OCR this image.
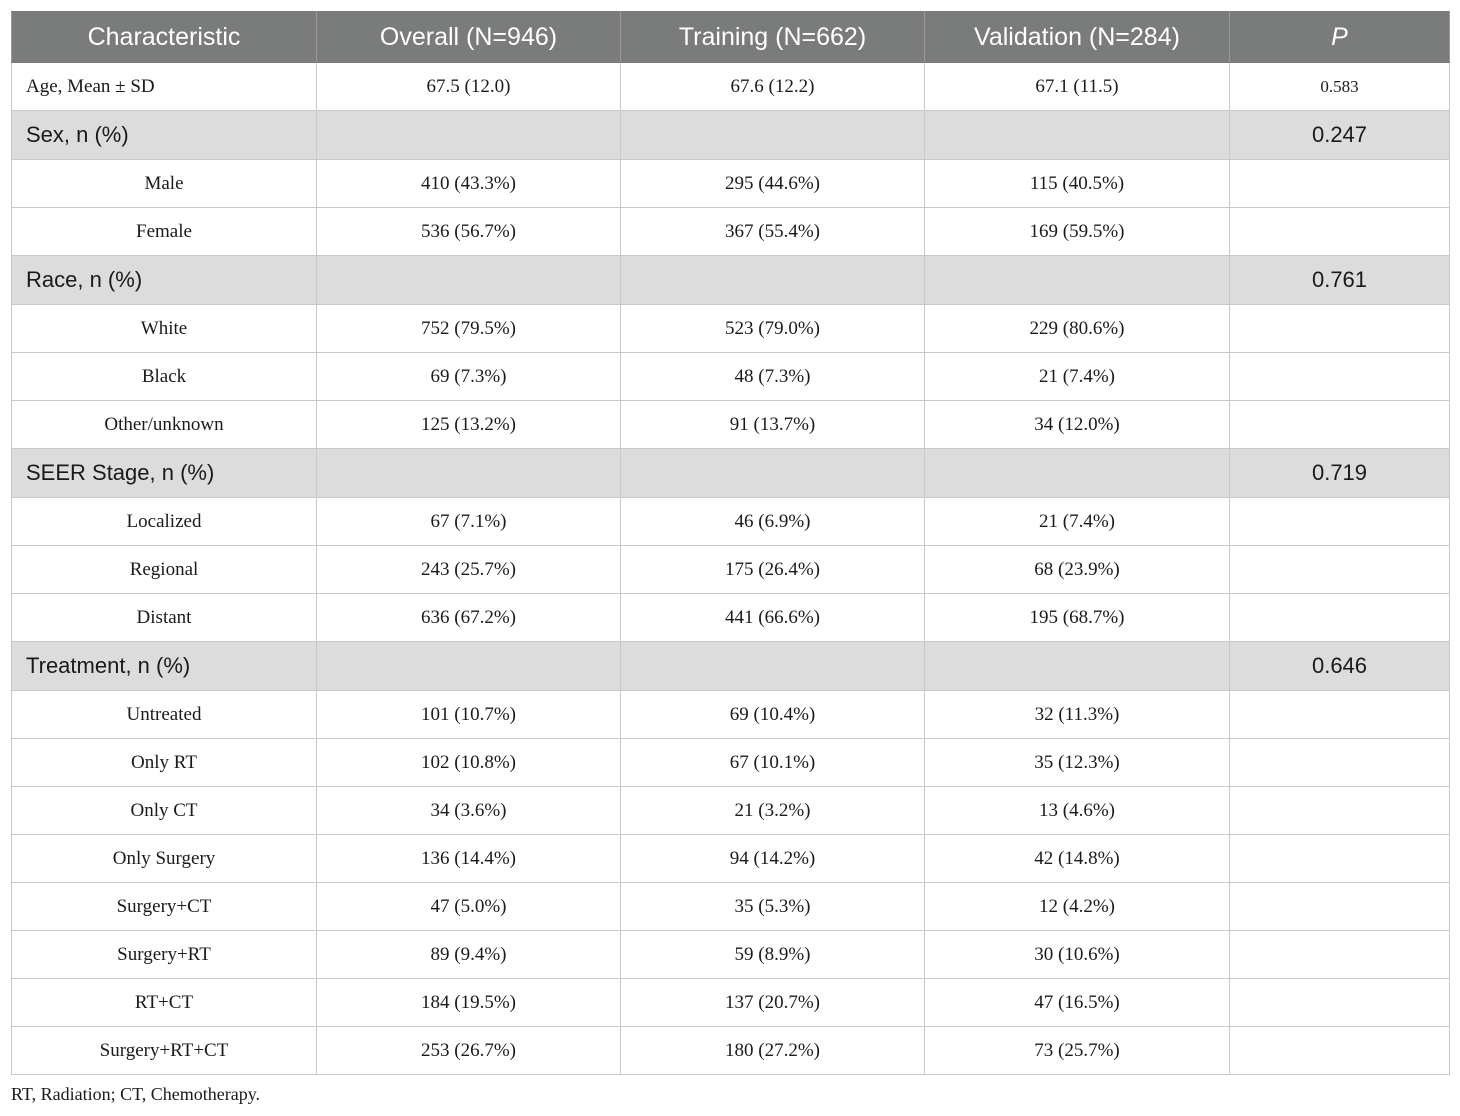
Characteristic	Overall (N=946)	Training (N=662)	Validation (N=284)	P
Age, Mean ± SD	67.5 (12.0)	67.6 (12.2)	67.1 (11.5)	0.583
Sex, n (%)				0.247
Male	410 (43.3%)	295 (44.6%)	115 (40.5%)	
Female	536 (56.7%)	367 (55.4%)	169 (59.5%)	
Race, n (%)				0.761
White	752 (79.5%)	523 (79.0%)	229 (80.6%)	
Black	69 (7.3%)	48 (7.3%)	21 (7.4%)	
Other/unknown	125 (13.2%)	91 (13.7%)	34 (12.0%)	
SEER Stage, n (%)				0.719
Localized	67 (7.1%)	46 (6.9%)	21 (7.4%)	
Regional	243 (25.7%)	175 (26.4%)	68 (23.9%)	
Distant	636 (67.2%)	441 (66.6%)	195 (68.7%)	
Treatment, n (%)				0.646
Untreated	101 (10.7%)	69 (10.4%)	32 (11.3%)	
Only RT	102 (10.8%)	67 (10.1%)	35 (12.3%)	
Only CT	34 (3.6%)	21 (3.2%)	13 (4.6%)	
Only Surgery	136 (14.4%)	94 (14.2%)	42 (14.8%)	
Surgery+CT	47 (5.0%)	35 (5.3%)	12 (4.2%)	
Surgery+RT	89 (9.4%)	59 (8.9%)	30 (10.6%)	
RT+CT	184 (19.5%)	137 (20.7%)	47 (16.5%)	
Surgery+RT+CT	253 (26.7%)	180 (27.2%)	73 (25.7%)	
RT, Radiation; CT, Chemotherapy.
